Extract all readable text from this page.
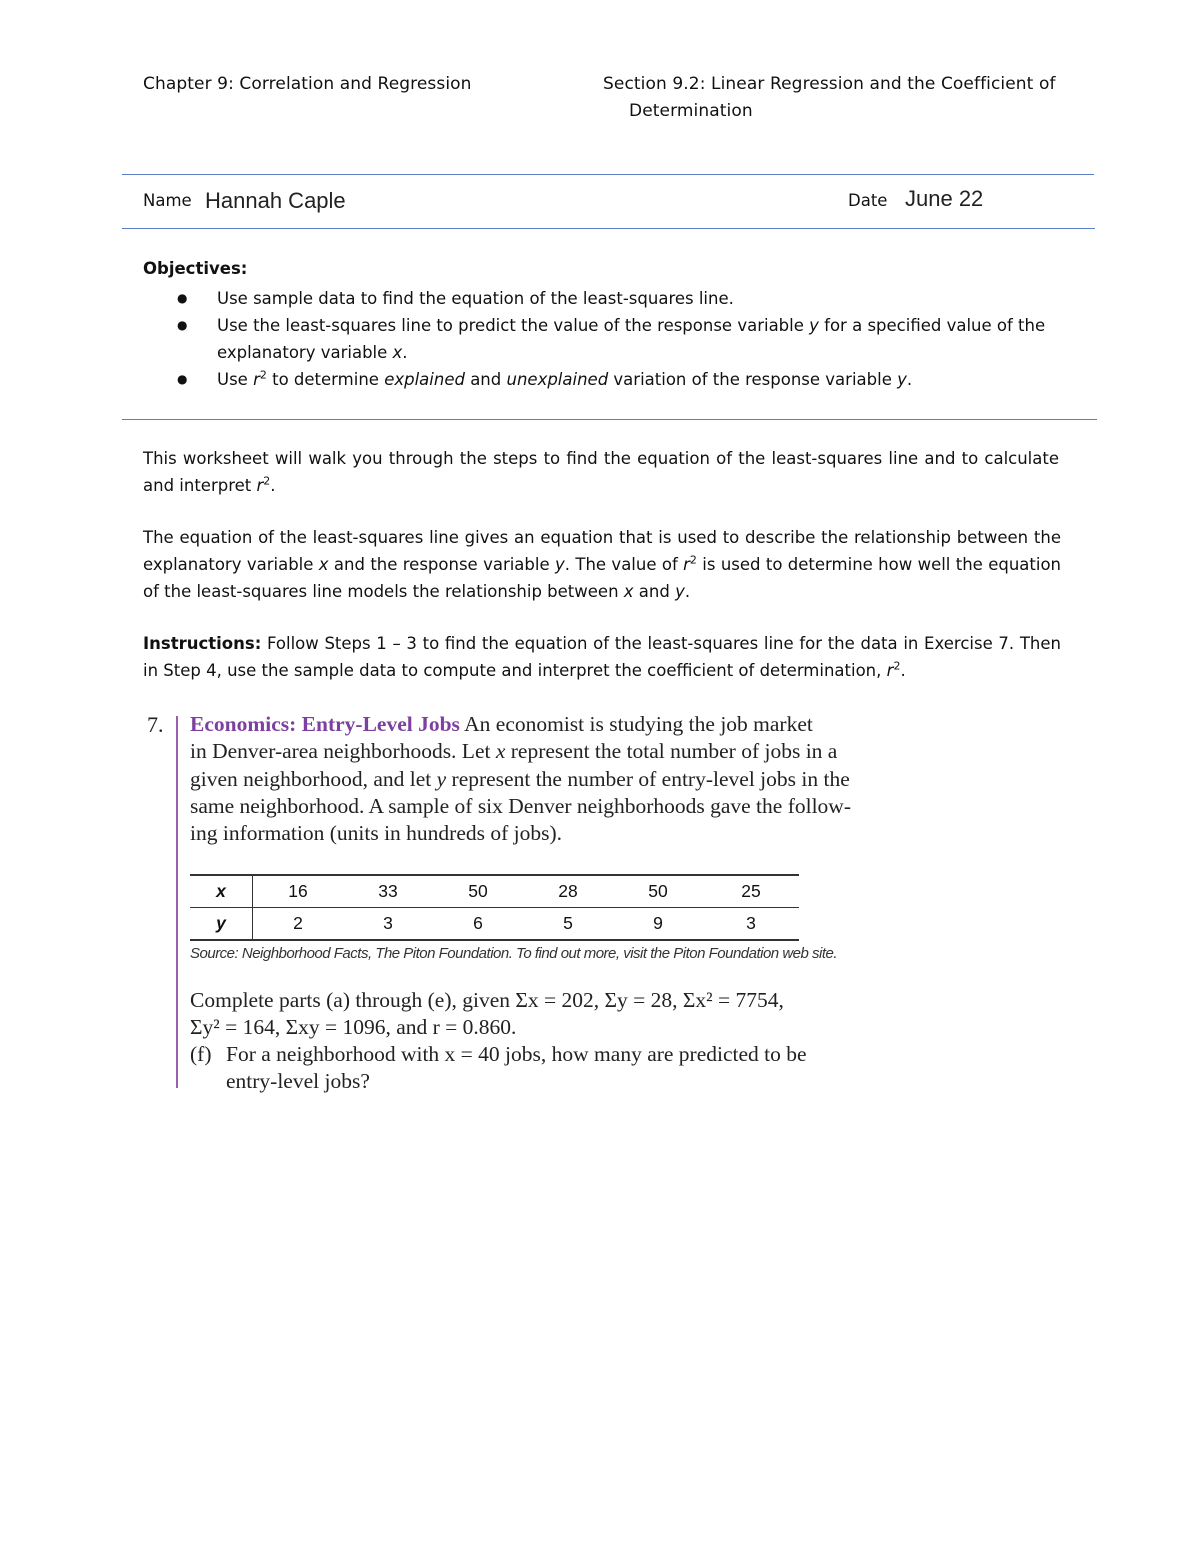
Chapter 9: Correlation and Regression	Section 9.2: Linear Regression and the Coefficient of
Determination
Name Hannah Caple	Date June 22
Objectives:
● Use sample data to find the equation of the least-squares line.
● Use the least-squares line to predict the value of the response variable y for a specified value of the explanatory variable x.
● Use $r^2$ to determine explained and unexplained variation of the response variable y.
This worksheet will walk you through the steps to find the equation of the least-squares line and to calculate and interpret $r^2$.
The equation of the least-squares line gives an equation that is used to describe the relationship between the explanatory variable x and the response variable y. The value of $r^2$ is used to determine how well the equation of the least-squares line models the relationship between x and y.
Instructions: Follow Steps 1 – 3 to find the equation of the least-squares line for the data in Exercise 7. Then in Step 4, use the sample data to compute and interpret the coefficient of determination, $r^2$.
7. Economics: Entry-Level Jobs An economist is studying the job market
in Denver-area neighborhoods. Let x represent the total number of jobs in a
given neighborhood, and let y represent the number of entry-level jobs in the
same neighborhood. A sample of six Denver neighborhoods gave the follow-
ing information (units in hundreds of jobs).
x	16	33	50	28	50	25
y	2	3	6	5	9	3
Source: Neighborhood Facts, The Piton Foundation. To find out more, visit the Piton Foundation web site.
Complete parts (a) through (e), given Σx = 202, Σy = 28, Σx² = 7754,
Σy² = 164, Σxy = 1096, and r = 0.860.
(f) For a neighborhood with x = 40 jobs, how many are predicted to be
entry-level jobs?
